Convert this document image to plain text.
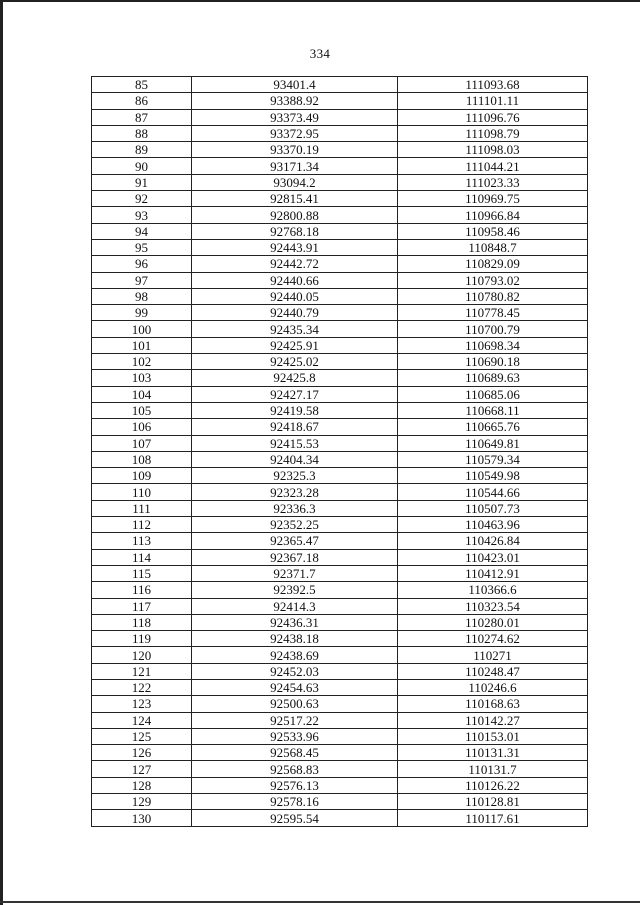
334
85	93401.4	111093.68
86	93388.92	111101.11
87	93373.49	111096.76
88	93372.95	111098.79
89	93370.19	111098.03
90	93171.34	111044.21
91	93094.2	111023.33
92	92815.41	110969.75
93	92800.88	110966.84
94	92768.18	110958.46
95	92443.91	110848.7
96	92442.72	110829.09
97	92440.66	110793.02
98	92440.05	110780.82
99	92440.79	110778.45
100	92435.34	110700.79
101	92425.91	110698.34
102	92425.02	110690.18
103	92425.8	110689.63
104	92427.17	110685.06
105	92419.58	110668.11
106	92418.67	110665.76
107	92415.53	110649.81
108	92404.34	110579.34
109	92325.3	110549.98
110	92323.28	110544.66
111	92336.3	110507.73
112	92352.25	110463.96
113	92365.47	110426.84
114	92367.18	110423.01
115	92371.7	110412.91
116	92392.5	110366.6
117	92414.3	110323.54
118	92436.31	110280.01
119	92438.18	110274.62
120	92438.69	110271
121	92452.03	110248.47
122	92454.63	110246.6
123	92500.63	110168.63
124	92517.22	110142.27
125	92533.96	110153.01
126	92568.45	110131.31
127	92568.83	110131.7
128	92576.13	110126.22
129	92578.16	110128.81
130	92595.54	110117.61
